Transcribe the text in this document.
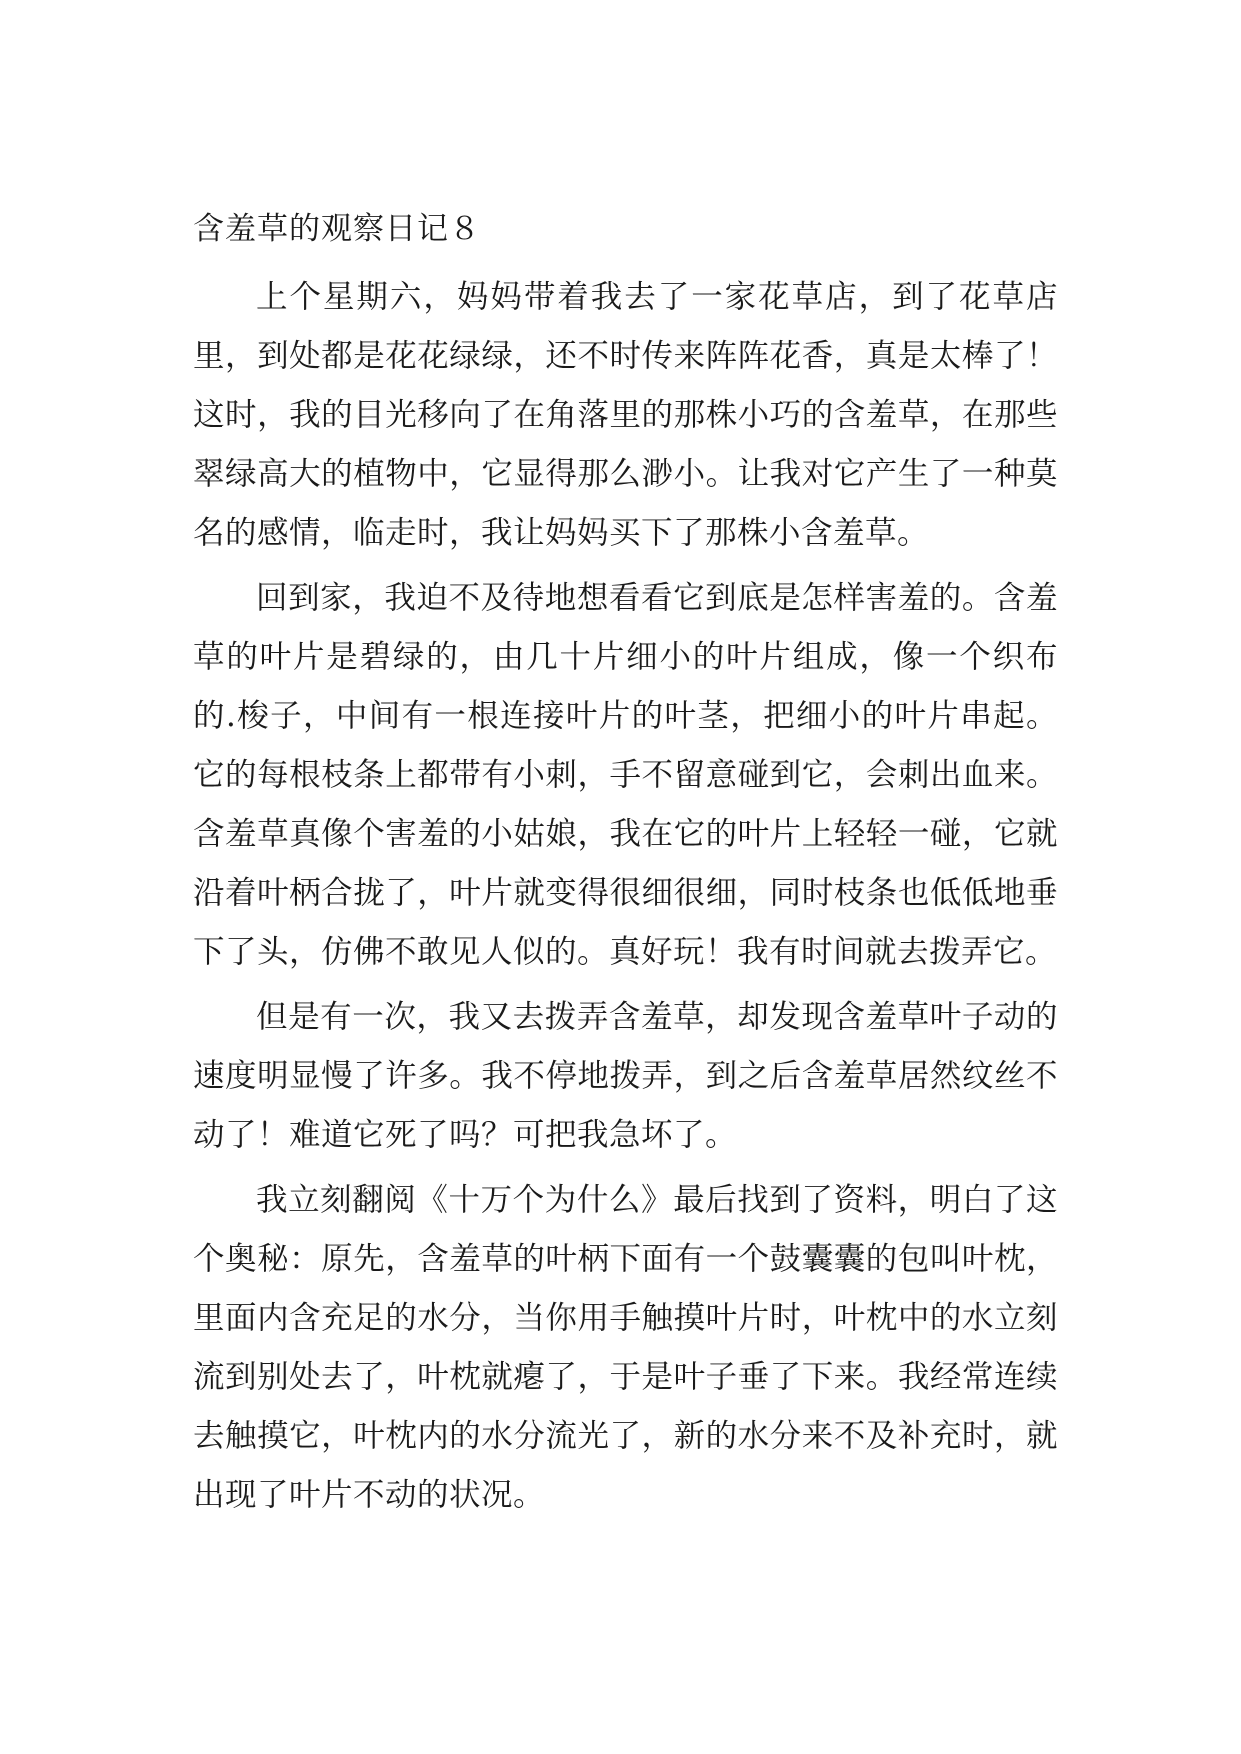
含羞草的观察日记８

上个星期六，妈妈带着我去了一家花草店，到了花草店里，到处都是花花绿绿，还不时传来阵阵花香，真是太棒了！这时，我的目光移向了在角落里的那株小巧的含羞草，在那些翠绿高大的植物中，它显得那么渺小。让我对它产生了一种莫名的感情，临走时，我让妈妈买下了那株小含羞草。

回到家，我迫不及待地想看看它到底是怎样害羞的。含羞草的叶片是碧绿的，由几十片细小的叶片组成，像一个织布的.梭子，中间有一根连接叶片的叶茎，把细小的叶片串起。它的每根枝条上都带有小刺，手不留意碰到它，会刺出血来。含羞草真像个害羞的小姑娘，我在它的叶片上轻轻一碰，它就沿着叶柄合拢了，叶片就变得很细很细，同时枝条也低低地垂下了头，仿佛不敢见人似的。真好玩！我有时间就去拨弄它。

但是有一次，我又去拨弄含羞草，却发现含羞草叶子动的速度明显慢了许多。我不停地拨弄，到之后含羞草居然纹丝不动了！难道它死了吗？可把我急坏了。

我立刻翻阅《十万个为什么》最后找到了资料，明白了这个奥秘：原先，含羞草的叶柄下面有一个鼓囊囊的包叫叶枕，里面内含充足的水分，当你用手触摸叶片时，叶枕中的水立刻流到别处去了，叶枕就瘪了，于是叶子垂了下来。我经常连续去触摸它，叶枕内的水分流光了，新的水分来不及补充时，就出现了叶片不动的状况。
